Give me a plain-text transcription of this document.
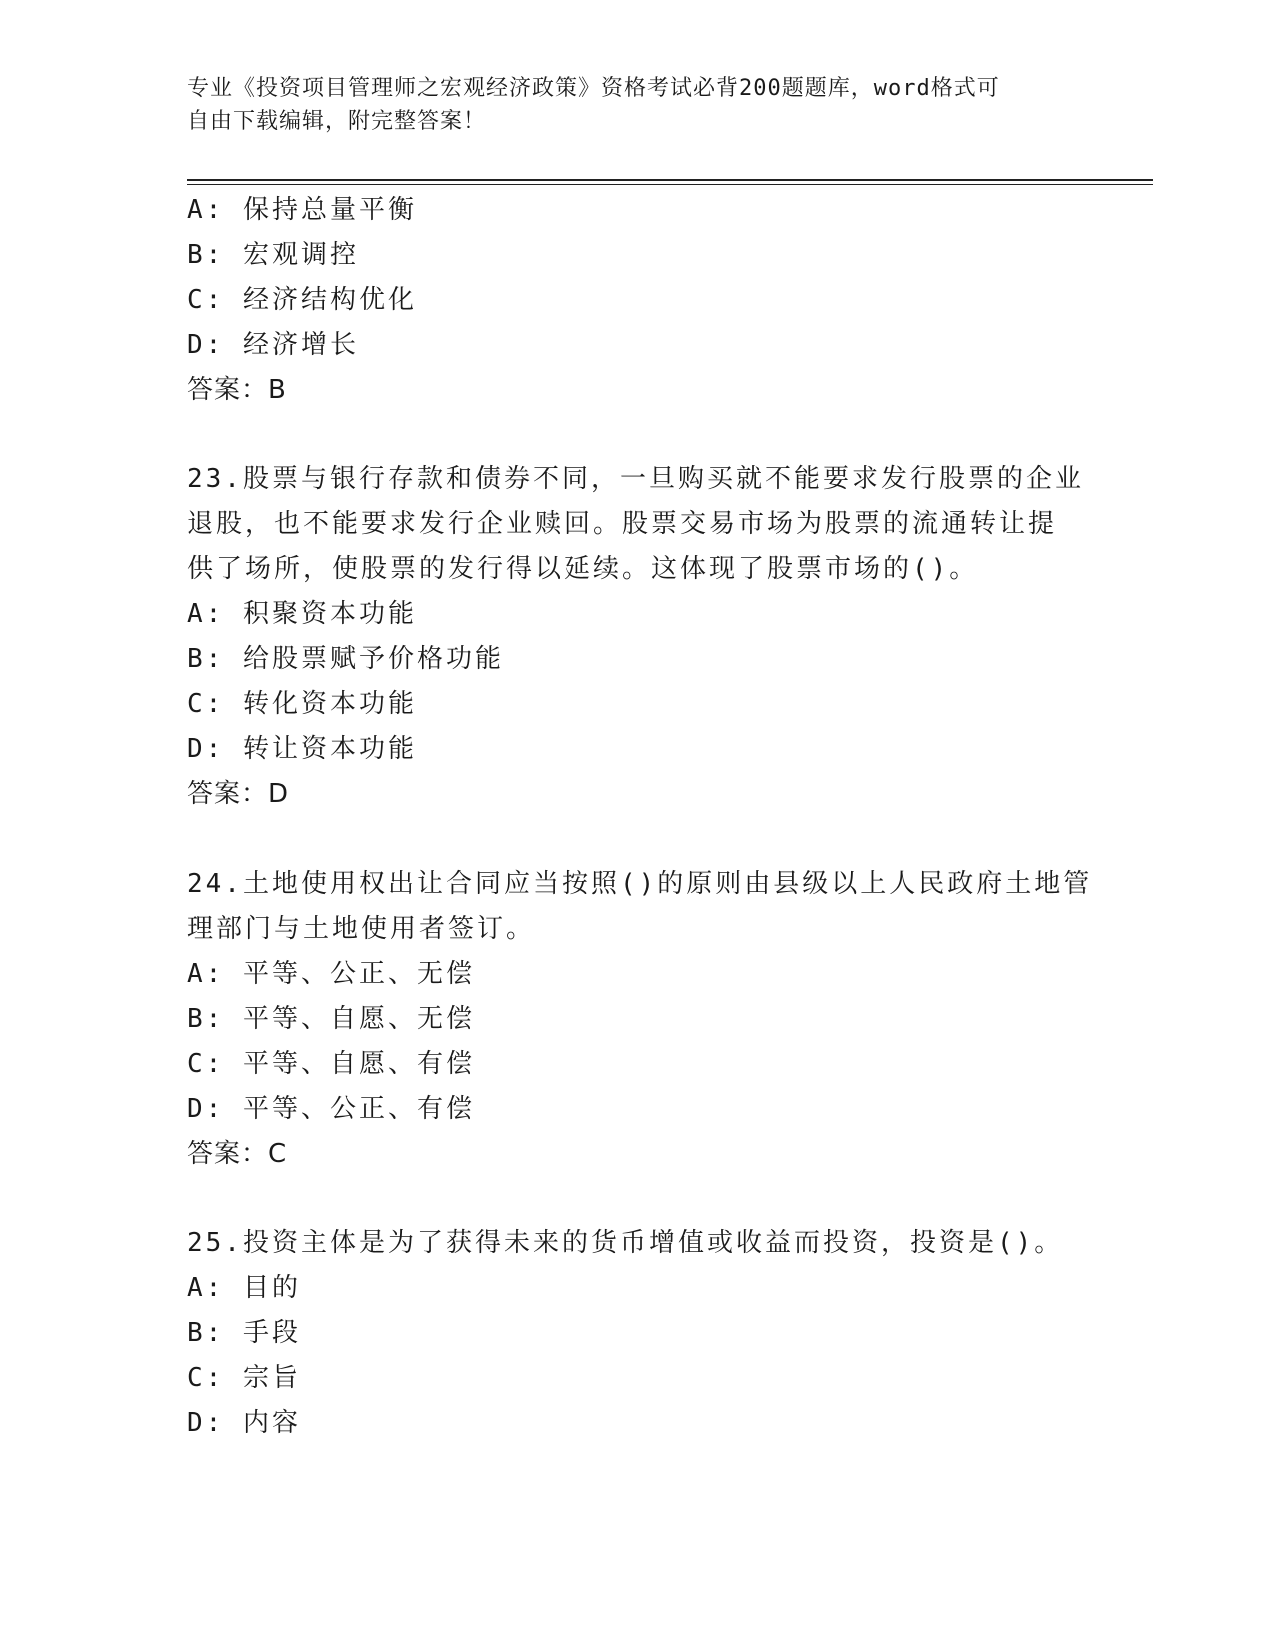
专业《投资项目管理师之宏观经济政策》资格考试必背200题题库，word格式可
自由下载编辑，附完整答案！
A: 保持总量平衡
B: 宏观调控
C: 经济结构优化
D: 经济增长
答案：B
23.股票与银行存款和债券不同，一旦购买就不能要求发行股票的企业
退股，也不能要求发行企业赎回。股票交易市场为股票的流通转让提
供了场所，使股票的发行得以延续。这体现了股票市场的()。
A: 积聚资本功能
B: 给股票赋予价格功能
C: 转化资本功能
D: 转让资本功能
答案：D
24.土地使用权出让合同应当按照()的原则由县级以上人民政府土地管
理部门与土地使用者签订。
A: 平等、公正、无偿
B: 平等、自愿、无偿
C: 平等、自愿、有偿
D: 平等、公正、有偿
答案：C
25.投资主体是为了获得未来的货币增值或收益而投资，投资是()。
A: 目的
B: 手段
C: 宗旨
D: 内容
